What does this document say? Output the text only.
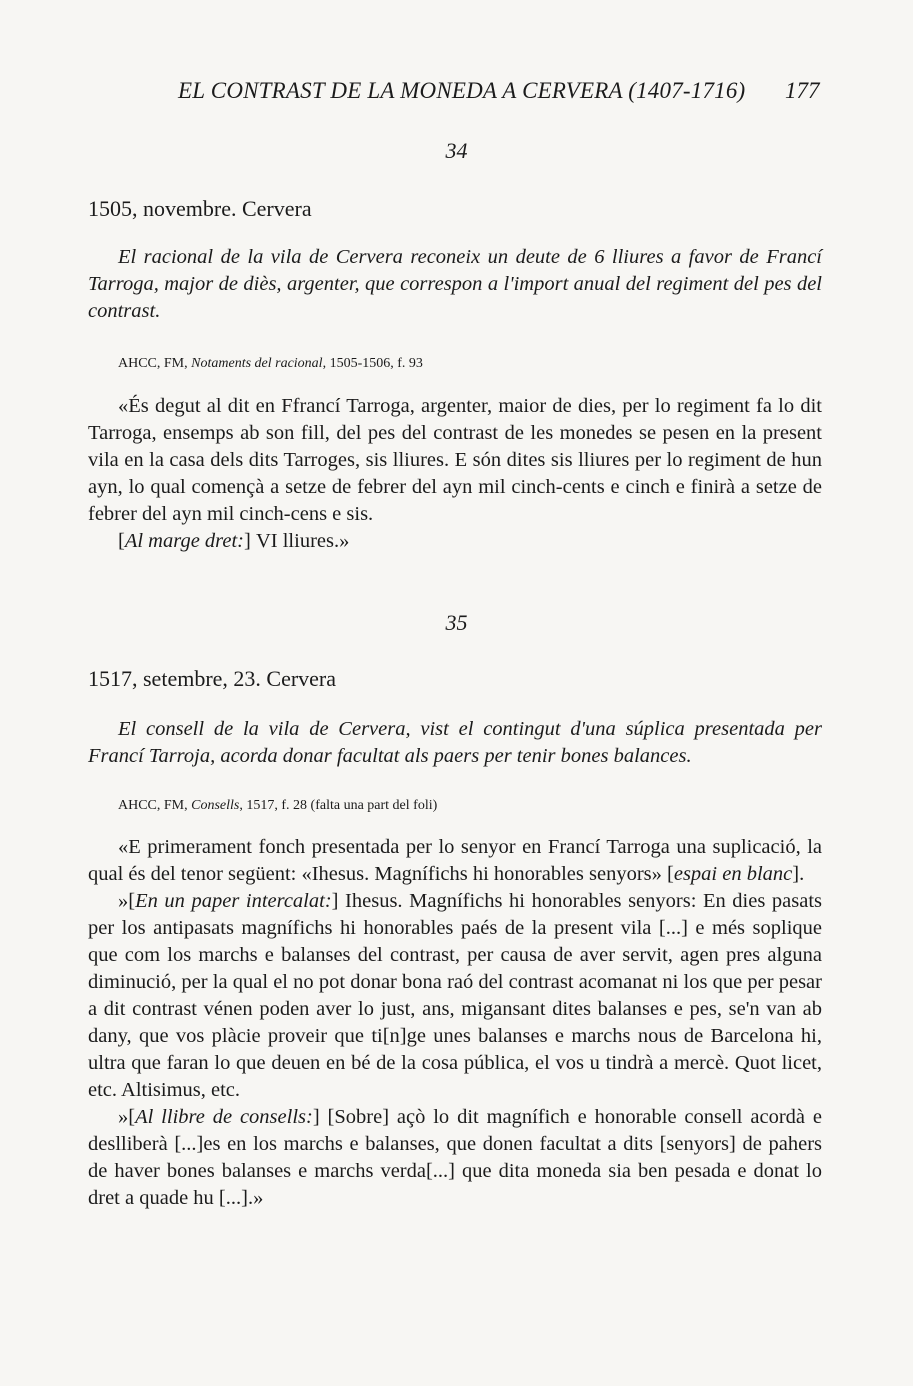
EL CONTRAST DE LA MONEDA A CERVERA (1407-1716) 177
34
1505, novembre. Cervera
El racional de la vila de Cervera reconeix un deute de 6 lliures a favor de Francí Tarroga, major de diès, argenter, que correspon a l'import anual del regiment del pes del contrast.
AHCC, FM, Notaments del racional, 1505-1506, f. 93

«És degut al dit en Ffrancí Tarroga, argenter, maior de dies, per lo regiment fa lo dit Tarroga, ensemps ab son fill, del pes del contrast de les monedes se pesen en la present vila en la casa dels dits Tarroges, sis lliures. E són dites sis lliures per lo regiment de hun ayn, lo qual començà a setze de febrer del ayn mil cinch-cents e cinch e finirà a setze de febrer del ayn mil cinch-cens e sis.

[Al marge dret:] VI lliures.»

35
1517, setembre, 23. Cervera
El consell de la vila de Cervera, vist el contingut d'una súplica presentada per Francí Tarroja, acorda donar facultat als paers per tenir bones balances.
AHCC, FM, Consells, 1517, f. 28 (falta una part del foli)

«E primerament fonch presentada per lo senyor en Francí Tarroga una suplicació, la qual és del tenor següent: «Ihesus. Magnífichs hi honorables senyors» [espai en blanc].

»[En un paper intercalat:] Ihesus. Magnífichs hi honorables senyors: En dies pasats per los antipasats magnífichs hi honorables paés de la present vila [...] e més soplique que com los marchs e balanses del contrast, per causa de aver servit, agen pres alguna diminució, per la qual el no pot donar bona raó del contrast acomanat ni los que per pesar a dit contrast vénen poden aver lo just, ans, migansant dites balanses e pes, se'n van ab dany, que vos plàcie proveir que ti[n]ge unes balanses e marchs nous de Barcelona hi, ultra que faran lo que deuen en bé de la cosa pública, el vos u tindrà a mercè. Quot licet, etc. Altisimus, etc.

»[Al llibre de consells:] [Sobre] açò lo dit magnífich e honorable consell acordà e deslliberà [...]es en los marchs e balanses, que donen facultat a dits [senyors] de pahers de haver bones balanses e marchs verda[...] que dita moneda sia ben pesada e donat lo dret a quade hu [...].»
